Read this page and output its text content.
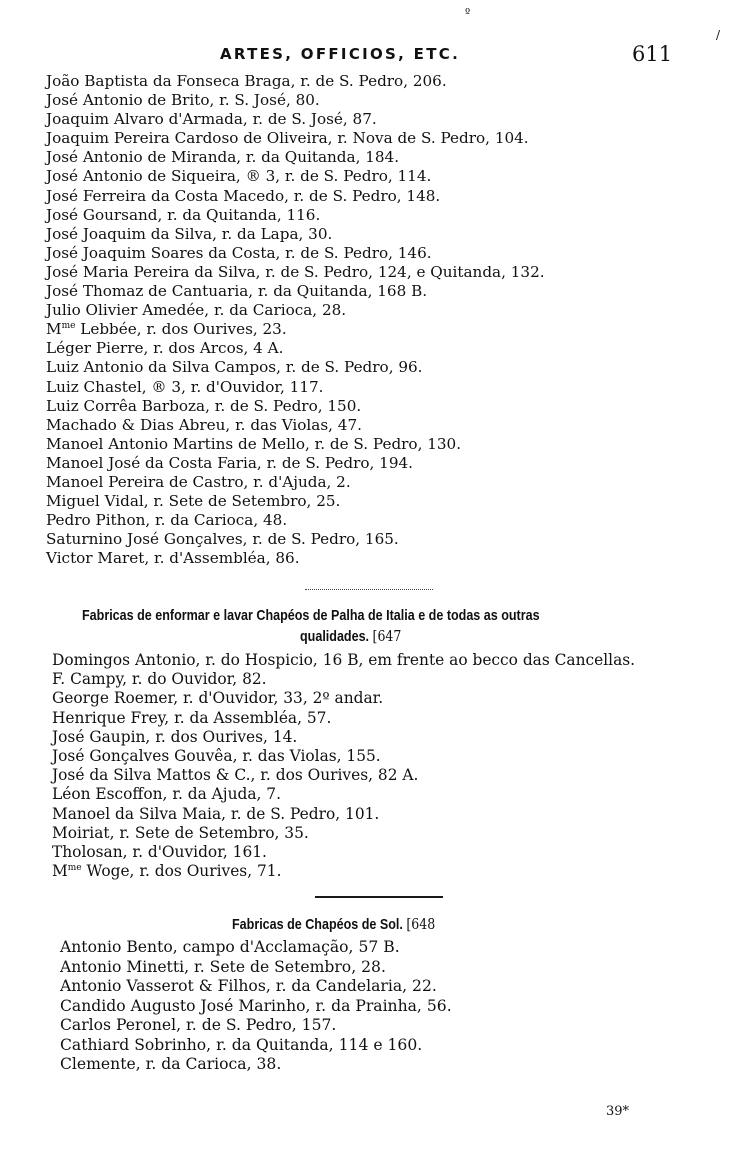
º
/
ARTES, OFFICIOS, ETC.	611
João Baptista da Fonseca Braga, r. de S. Pedro, 206.
José Antonio de Brito, r. S. José, 80.
Joaquim Alvaro d'Armada, r. de S. José, 87.
Joaquim Pereira Cardoso de Oliveira, r. Nova de S. Pedro, 104.
José Antonio de Miranda, r. da Quitanda, 184.
José Antonio de Siqueira, ® 3, r. de S. Pedro, 114.
José Ferreira da Costa Macedo, r. de S. Pedro, 148.
José Goursand, r. da Quitanda, 116.
José Joaquim da Silva, r. da Lapa, 30.
José Joaquim Soares da Costa, r. de S. Pedro, 146.
José Maria Pereira da Silva, r. de S. Pedro, 124, e Quitanda, 132.
José Thomaz de Cantuaria, r. da Quitanda, 168 B.
Julio Olivier Amedée, r. da Carioca, 28.
$M^{me}$ Lebbée, r. dos Ourives, 23.
Léger Pierre, r. dos Arcos, 4 A.
Luiz Antonio da Silva Campos, r. de S. Pedro, 96.
Luiz Chastel, ® 3, r. d'Ouvidor, 117.
Luiz Corrêa Barboza, r. de S. Pedro, 150.
Machado & Dias Abreu, r. das Violas, 47.
Manoel Antonio Martins de Mello, r. de S. Pedro, 130.
Manoel José da Costa Faria, r. de S. Pedro, 194.
Manoel Pereira de Castro, r. d'Ajuda, 2.
Miguel Vidal, r. Sete de Setembro, 25.
Pedro Pithon, r. da Carioca, 48.
Saturnino José Gonçalves, r. de S. Pedro, 165.
Victor Maret, r. d'Assembléa, 86.
Fabricas de enformar e lavar Chapéos de Palha de Italia e de todas as outras
qualidades. [647
Domingos Antonio, r. do Hospicio, 16 B, em frente ao becco das Cancellas.
F. Campy, r. do Ouvidor, 82.
George Roemer, r. d'Ouvidor, 33, 2º andar.
Henrique Frey, r. da Assembléa, 57.
José Gaupin, r. dos Ourives, 14.
José Gonçalves Gouvêa, r. das Violas, 155.
José da Silva Mattos & C., r. dos Ourives, 82 A.
Léon Escoffon, r. da Ajuda, 7.
Manoel da Silva Maia, r. de S. Pedro, 101.
Moiriat, r. Sete de Setembro, 35.
Tholosan, r. d'Ouvidor, 161.
$M^{me}$ Woge, r. dos Ourives, 71.
Fabricas de Chapéos de Sol. [648
Antonio Bento, campo d'Acclamação, 57 B.
Antonio Minetti, r. Sete de Setembro, 28.
Antonio Vasserot & Filhos, r. da Candelaria, 22.
Candido Augusto José Marinho, r. da Prainha, 56.
Carlos Peronel, r. de S. Pedro, 157.
Cathiard Sobrinho, r. da Quitanda, 114 e 160.
Clemente, r. da Carioca, 38.
39*
